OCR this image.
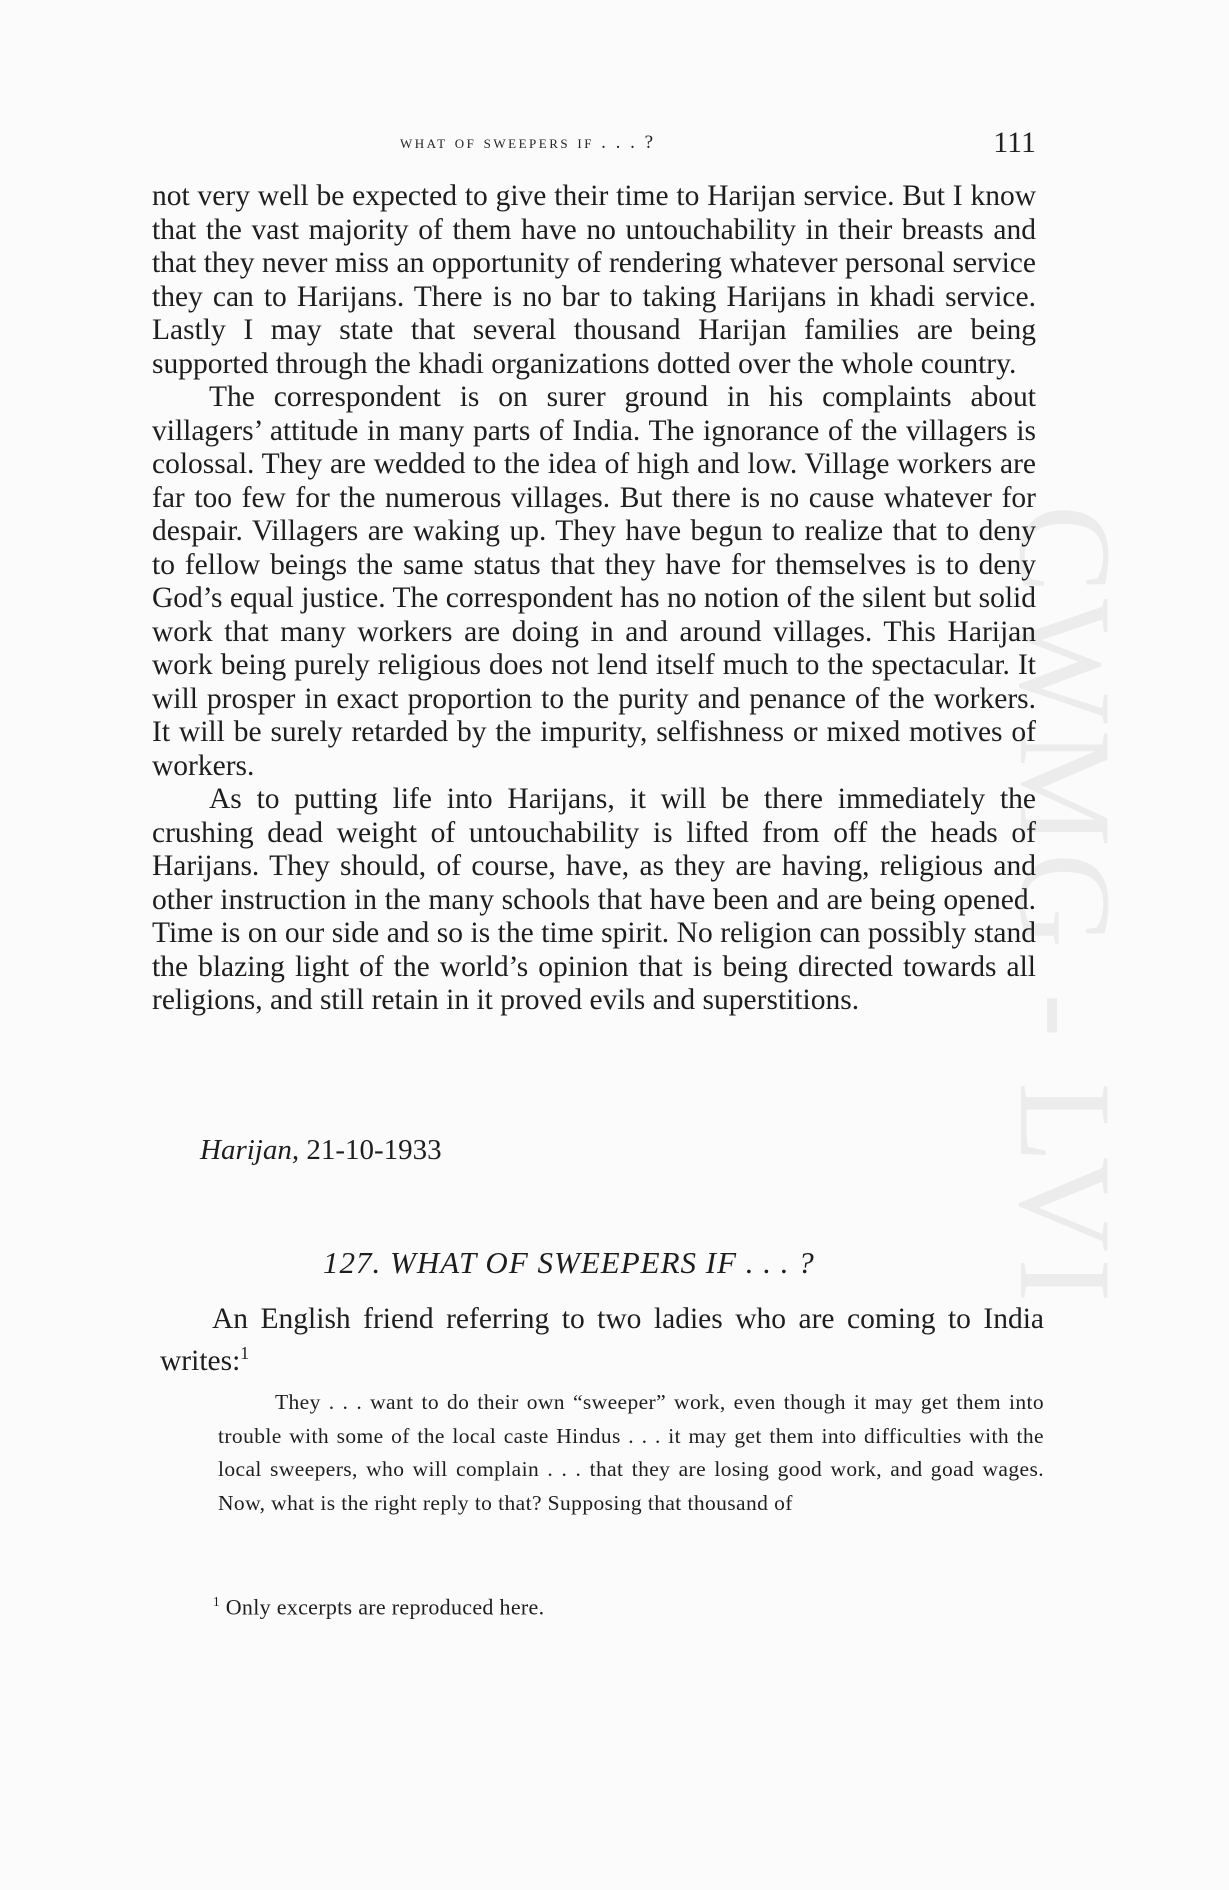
CWMG - LVI
what of sweepers if . . . ?	111

not very well be expected to give their time to Harijan service. But I know that the vast majority of them have no untouchability in their breasts and that they never miss an opportunity of rendering whatever personal service they can to Harijans. There is no bar to taking Harijans in khadi service. Lastly I may state that several thousand Harijan families are being supported through the khadi organizations dotted over the whole country.

The correspondent is on surer ground in his complaints about villagers’ attitude in many parts of India. The ignorance of the villagers is colossal. They are wedded to the idea of high and low. Village workers are far too few for the numerous villages. But there is no cause whatever for despair. Villagers are waking up. They have begun to realize that to deny to fellow beings the same status that they have for themselves is to deny God’s equal justice. The correspondent has no notion of the silent but solid work that many workers are doing in and around villages. This Harijan work being purely religious does not lend itself much to the spectacular. It will prosper in exact proportion to the purity and penance of the workers. It will be surely retarded by the impurity, selfishness or mixed motives of workers.

As to putting life into Harijans, it will be there immediately the crushing dead weight of untouchability is lifted from off the heads of Harijans. They should, of course, have, as they are having, religious and other instruction in the many schools that have been and are being opened. Time is on our side and so is the time spirit. No religion can possibly stand the blazing light of the world’s opinion that is being directed towards all religions, and still retain in it proved evils and superstitions.

Harijan, 21-10-1933
127. WHAT OF SWEEPERS IF . . . ?

An English friend referring to two ladies who are coming to India writes:$^1$

They . . . want to do their own “sweeper” work, even though it may get them into trouble with some of the local caste Hindus . . . it may get them into difficulties with the local sweepers, who will complain . . . that they are losing good work, and goad wages. Now, what is the right reply to that? Supposing that thousand of

$^1$ Only excerpts are reproduced here.
